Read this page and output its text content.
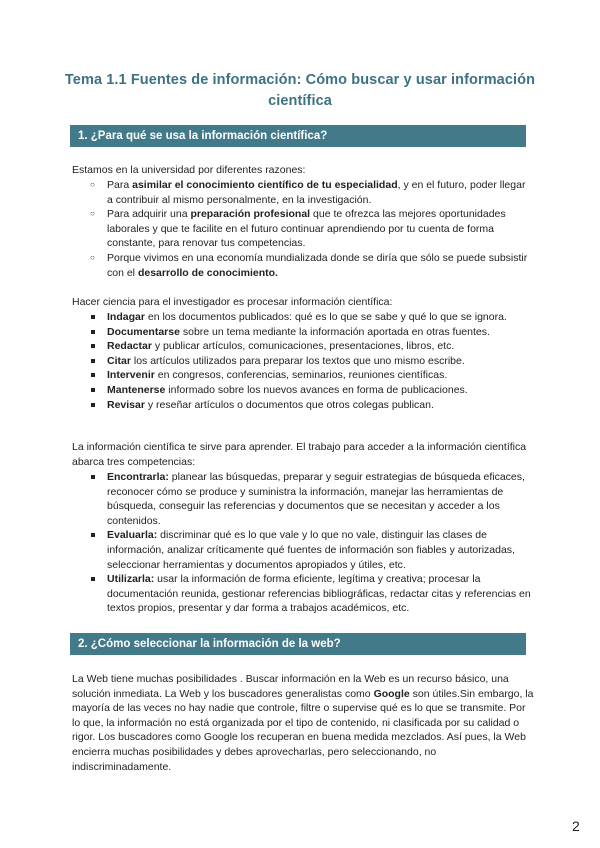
Tema 1.1 Fuentes de información: Cómo buscar y usar información
científica
1. ¿Para qué se usa la información científica?

Estamos en la universidad por diferentes razones:

○ Para asimilar el conocimiento científico de tu especialidad, y en el futuro, poder llegar a contribuir al mismo personalmente, en la investigación.
○ Para adquirir una preparación profesional que te ofrezca las mejores oportunidades laborales y que te facilite en el futuro continuar aprendiendo por tu cuenta de forma constante, para renovar tus competencias.
○ Porque vivimos en una economía mundializada donde se diría que sólo se puede subsistir con el desarrollo de conocimiento.

Hacer ciencia para el investigador es procesar información científica:

Indagar en los documentos publicados: qué es lo que se sabe y qué lo que se ignora.
Documentarse sobre un tema mediante la información aportada en otras fuentes.
Redactar y publicar artículos, comunicaciones, presentaciones, libros, etc.
Citar los artículos utilizados para preparar los textos que uno mismo escribe.
Intervenir en congresos, conferencias, seminarios, reuniones científicas.
Mantenerse informado sobre los nuevos avances en forma de publicaciones.
Revisar y reseñar artículos o documentos que otros colegas publican.

La información científica te sirve para aprender. El trabajo para acceder a la información científica abarca tres competencias:

Encontrarla: planear las búsquedas, preparar y seguir estrategias de búsqueda eficaces, reconocer cómo se produce y suministra la información, manejar las herramientas de búsqueda, conseguir las referencias y documentos que se necesitan y acceder a los contenidos.
Evaluarla: discriminar qué es lo que vale y lo que no vale, distinguir las clases de información, analizar críticamente qué fuentes de información son fiables y autorizadas, seleccionar herramientas y documentos apropiados y útiles, etc.
Utilizarla: usar la información de forma eficiente, legítima y creativa; procesar la documentación reunida, gestionar referencias bibliográficas, redactar citas y referencias en textos propios, presentar y dar forma a trabajos académicos, etc.
2. ¿Cómo seleccionar la información de la web?

La Web tiene muchas posibilidades . Buscar información en la Web es un recurso básico, una solución inmediata. La Web y los buscadores generalistas como Google son útiles.Sin embargo, la mayoría de las veces no hay nadie que controle, filtre o supervise qué es lo que se transmite. Por lo que, la información no está organizada por el tipo de contenido, ni clasificada por su calidad o rigor. Los buscadores como Google los recuperan en buena medida mezclados. Así pues, la Web encierra muchas posibilidades y debes aprovecharlas, pero seleccionando, no indiscriminadamente.

2
